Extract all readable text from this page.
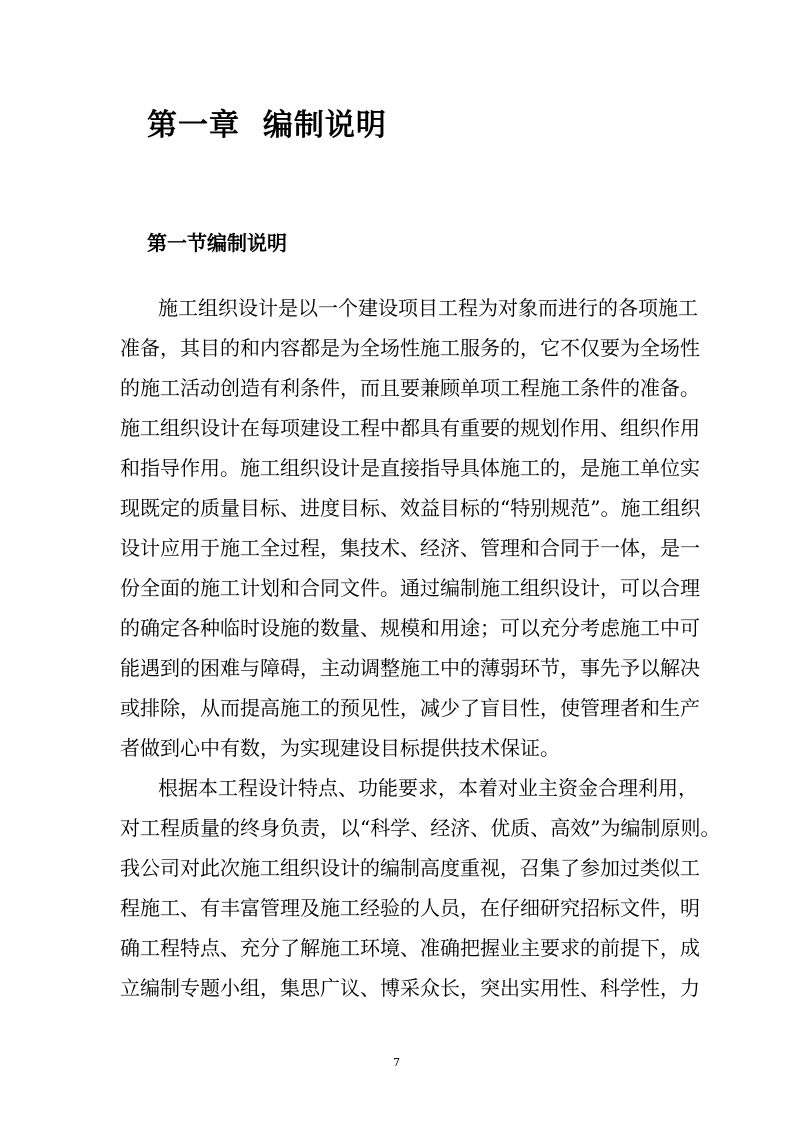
第一章  编制说明
第一节编制说明
施工组织设计是以一个建设项目工程为对象而进行的各项施工
准备，其目的和内容都是为全场性施工服务的，它不仅要为全场性
的施工活动创造有利条件，而且要兼顾单项工程施工条件的准备。
施工组织设计在每项建设工程中都具有重要的规划作用、组织作用
和指导作用。施工组织设计是直接指导具体施工的，是施工单位实
现既定的质量目标、进度目标、效益目标的“特别规范”。施工组织
设计应用于施工全过程，集技术、经济、管理和合同于一体，是一
份全面的施工计划和合同文件。通过编制施工组织设计，可以合理
的确定各种临时设施的数量、规模和用途；可以充分考虑施工中可
能遇到的困难与障碍，主动调整施工中的薄弱环节，事先予以解决
或排除，从而提高施工的预见性，减少了盲目性，使管理者和生产
者做到心中有数，为实现建设目标提供技术保证。
根据本工程设计特点、功能要求，本着对业主资金合理利用，
对工程质量的终身负责，以“科学、经济、优质、高效”为编制原则。
我公司对此次施工组织设计的编制高度重视，召集了参加过类似工
程施工、有丰富管理及施工经验的人员，在仔细研究招标文件，明
确工程特点、充分了解施工环境、准确把握业主要求的前提下，成
立编制专题小组，集思广议、博采众长，突出实用性、科学性，力
7
